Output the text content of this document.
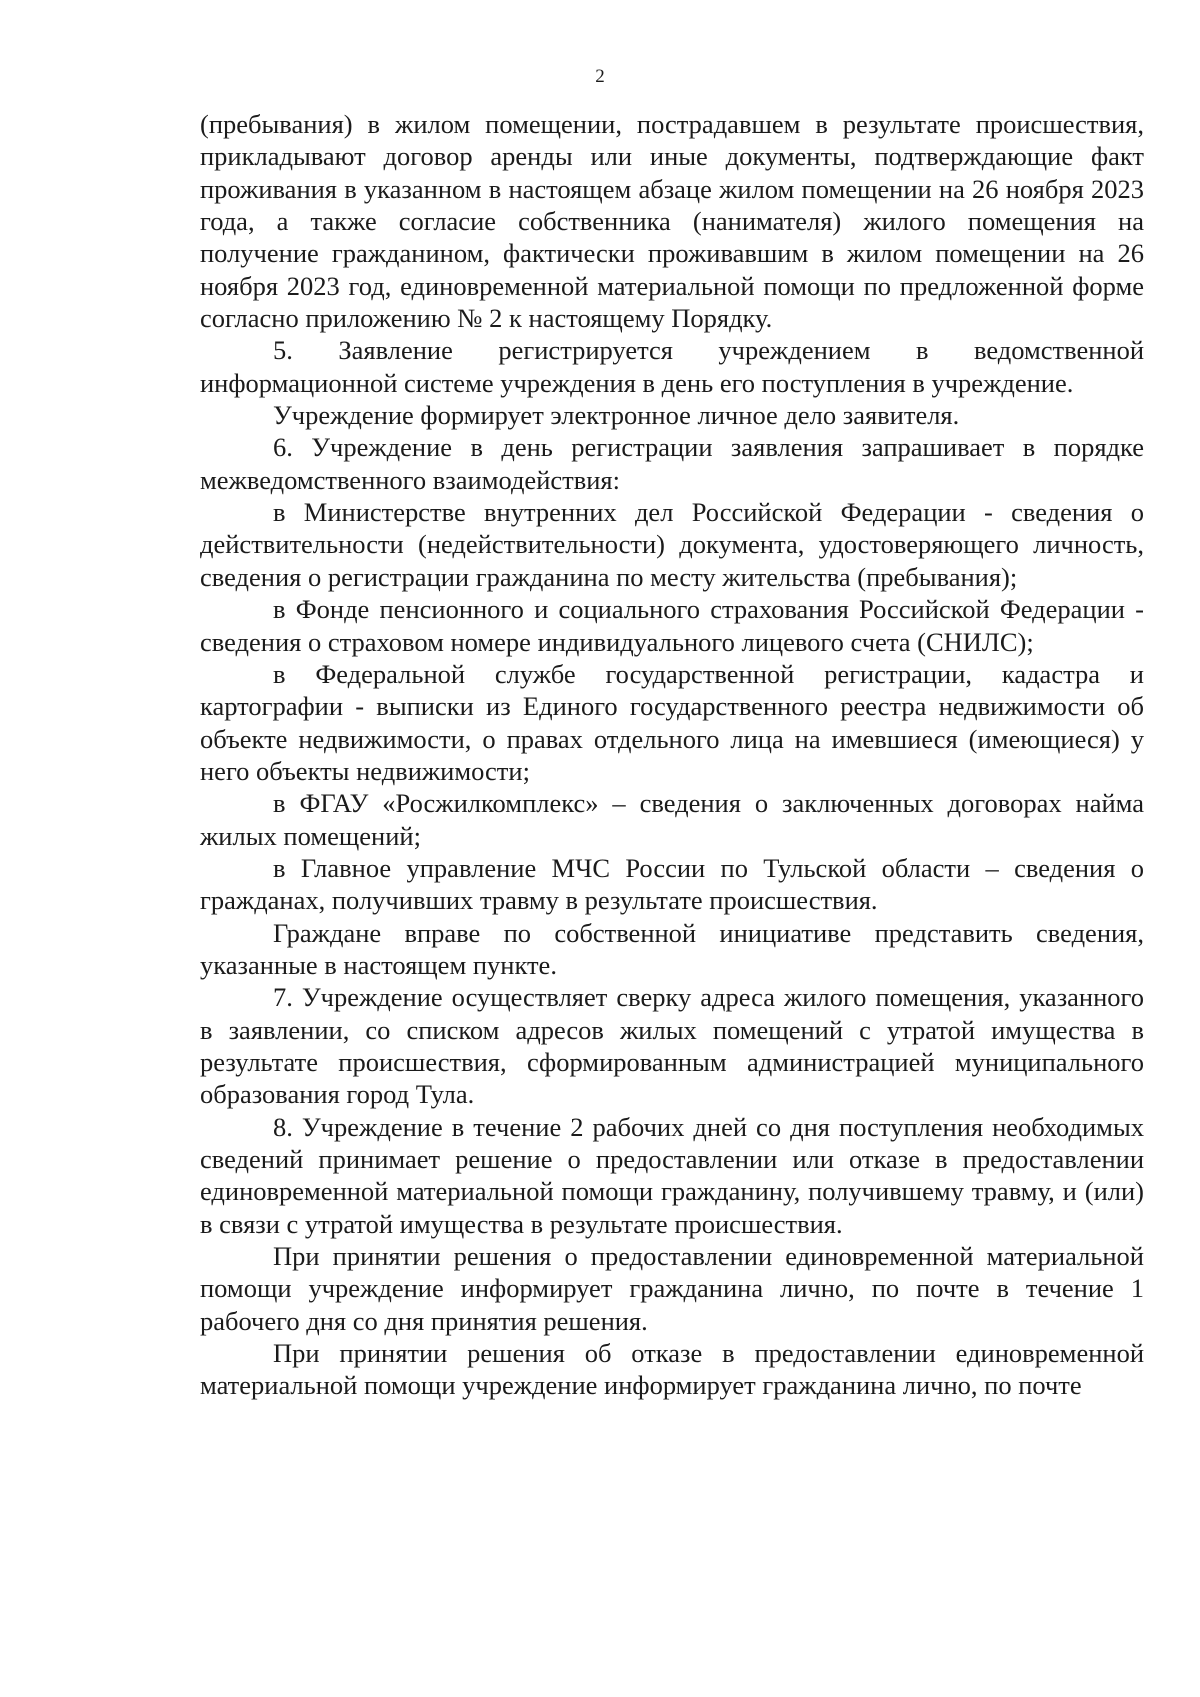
2

(пребывания) в жилом помещении, пострадавшем в результате происшествия, прикладывают договор аренды или иные документы, подтверждающие факт проживания в указанном в настоящем абзаце жилом помещении на 26 ноября 2023 года, а также согласие собственника (нанимателя) жилого помещения на получение гражданином, фактически проживавшим в жилом помещении на 26 ноября 2023 год, единовременной материальной помощи по предложенной форме согласно приложению № 2 к настоящему Порядку.

5. Заявление регистрируется учреждением в ведомственной информационной системе учреждения в день его поступления в учреждение.

Учреждение формирует электронное личное дело заявителя.

6. Учреждение в день регистрации заявления запрашивает в порядке межведомственного взаимодействия:

в Министерстве внутренних дел Российской Федерации - сведения о действительности (недействительности) документа, удостоверяющего личность, сведения о регистрации гражданина по месту жительства (пребывания);

в Фонде пенсионного и социального страхования Российской Федерации - сведения о страховом номере индивидуального лицевого счета (СНИЛС);

в Федеральной службе государственной регистрации, кадастра и картографии - выписки из Единого государственного реестра недвижимости об объекте недвижимости, о правах отдельного лица на имевшиеся (имеющиеся) у него объекты недвижимости;

в ФГАУ «Росжилкомплекс» – сведения о заключенных договорах найма жилых помещений;

в Главное управление МЧС России по Тульской области – сведения о гражданах, получивших травму в результате происшествия.

Граждане вправе по собственной инициативе представить сведения, указанные в настоящем пункте.

7. Учреждение осуществляет сверку адреса жилого помещения, указанного в заявлении, со списком адресов жилых помещений с утратой имущества в результате происшествия, сформированным администрацией муниципального образования город Тула.

8. Учреждение в течение 2 рабочих дней со дня поступления необходимых сведений принимает решение о предоставлении или отказе в предоставлении единовременной материальной помощи гражданину, получившему травму, и (или) в связи с утратой имущества в результате происшествия.

При принятии решения о предоставлении единовременной материальной помощи учреждение информирует гражданина лично, по почте в течение 1 рабочего дня со дня принятия решения.

При принятии решения об отказе в предоставлении единовременной материальной помощи учреждение информирует гражданина лично, по почте
